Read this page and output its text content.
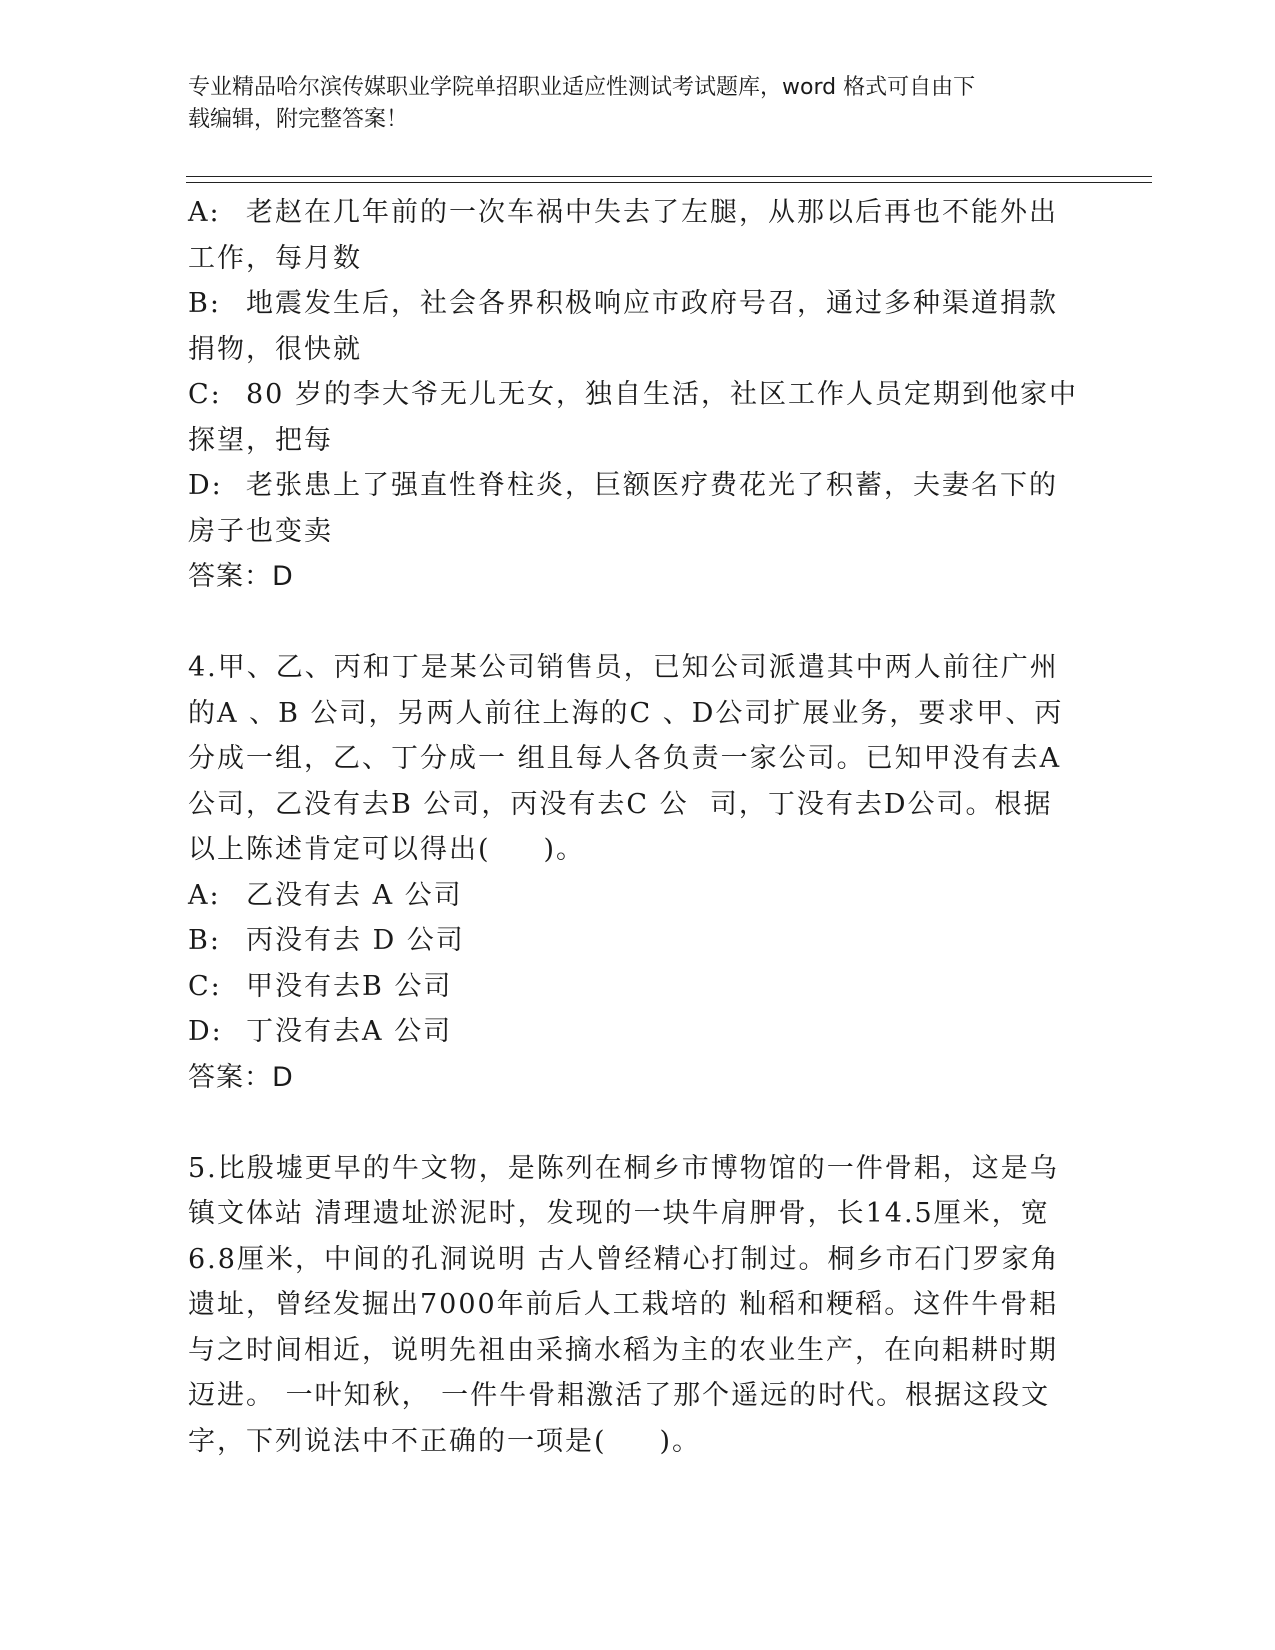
专业精品哈尔滨传媒职业学院单招职业适应性测试考试题库，word 格式可自由下
载编辑，附完整答案！
A: 老赵在几年前的一次车祸中失去了左腿，从那以后再也不能外出
工作，每月数
B: 地震发生后，社会各界积极响应市政府号召，通过多种渠道捐款
捐物，很快就
C: 80 岁的李大爷无儿无女，独自生活，社区工作人员定期到他家中
探望，把每
D: 老张患上了强直性脊柱炎，巨额医疗费花光了积蓄，夫妻名下的
房子也变卖
答案：D
4.甲、乙、丙和丁是某公司销售员，已知公司派遣其中两人前往广州
的A 、B 公司，另两人前往上海的C 、D公司扩展业务，要求甲、丙
分成一组，乙、丁分成一 组且每人各负责一家公司。已知甲没有去A
公司，乙没有去B 公司，丙没有去C 公  司，丁没有去D公司。根据
以上陈述肯定可以得出(     )。
A: 乙没有去 A 公司
B: 丙没有去 D 公司
C: 甲没有去B 公司
D: 丁没有去A 公司
答案：D
5.比殷墟更早的牛文物，是陈列在桐乡市博物馆的一件骨耜，这是乌
镇文体站 清理遗址淤泥时，发现的一块牛肩胛骨，长14.5厘米，宽
6.8厘米，中间的孔洞说明 古人曾经精心打制过。桐乡市石门罗家角
遗址，曾经发掘出7000年前后人工栽培的 籼稻和粳稻。这件牛骨耜
与之时间相近，说明先祖由采摘水稻为主的农业生产，在向耜耕时期
迈进。 一叶知秋， 一件牛骨耜激活了那个遥远的时代。根据这段文
字，下列说法中不正确的一项是(     )。
